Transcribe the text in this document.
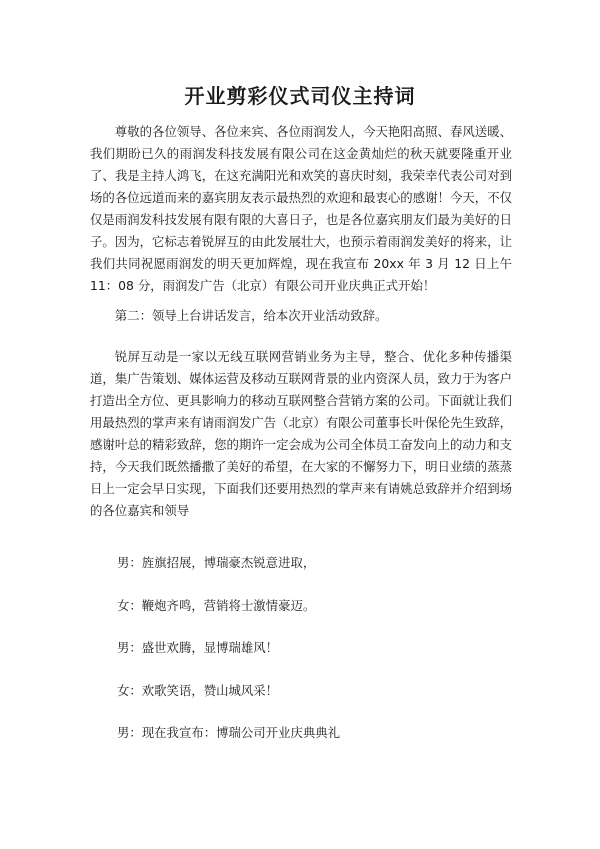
开业剪彩仪式司仪主持词

尊敬的各位领导、各位来宾、各位雨润发人，今天艳阳高照、春风送暖、我们期盼已久的雨润发科技发展有限公司在这金黄灿烂的秋天就要隆重开业了、我是主持人鸿飞，在这充满阳光和欢笑的喜庆时刻，我荣幸代表公司对到场的各位远道而来的嘉宾朋友表示最热烈的欢迎和最衷心的感谢！今天，不仅仅是雨润发科技发展有限有限的大喜日子，也是各位嘉宾朋友们最为美好的日子。因为，它标志着锐屏互的由此发展壮大，也预示着雨润发美好的将来，让我们共同祝愿雨润发的明天更加辉煌，现在我宣布 20xx 年 3 月 12 日上午 11：08 分，雨润发广告（北京）有限公司开业庆典正式开始！

第二：领导上台讲话发言，给本次开业活动致辞。

锐屏互动是一家以无线互联网营销业务为主导，整合、优化多种传播渠道，集广告策划、媒体运营及移动互联网背景的业内资深人员，致力于为客户打造出全方位、更具影响力的移动互联网整合营销方案的公司。下面就让我们用最热烈的掌声来有请雨润发广告（北京）有限公司董事长叶保伦先生致辞，感谢叶总的精彩致辞，您的期许一定会成为公司全体员工奋发向上的动力和支持，今天我们既然播撒了美好的希望，在大家的不懈努力下，明日业绩的蒸蒸日上一定会早日实现，下面我们还要用热烈的掌声来有请姚总致辞并介绍到场的各位嘉宾和领导

男：旌旗招展，博瑞豪杰锐意进取，
女：鞭炮齐鸣，营销将士激情豪迈。
男：盛世欢腾，显博瑞雄风！
女：欢歌笑语，赞山城风采！
男：现在我宣布：博瑞公司开业庆典典礼
